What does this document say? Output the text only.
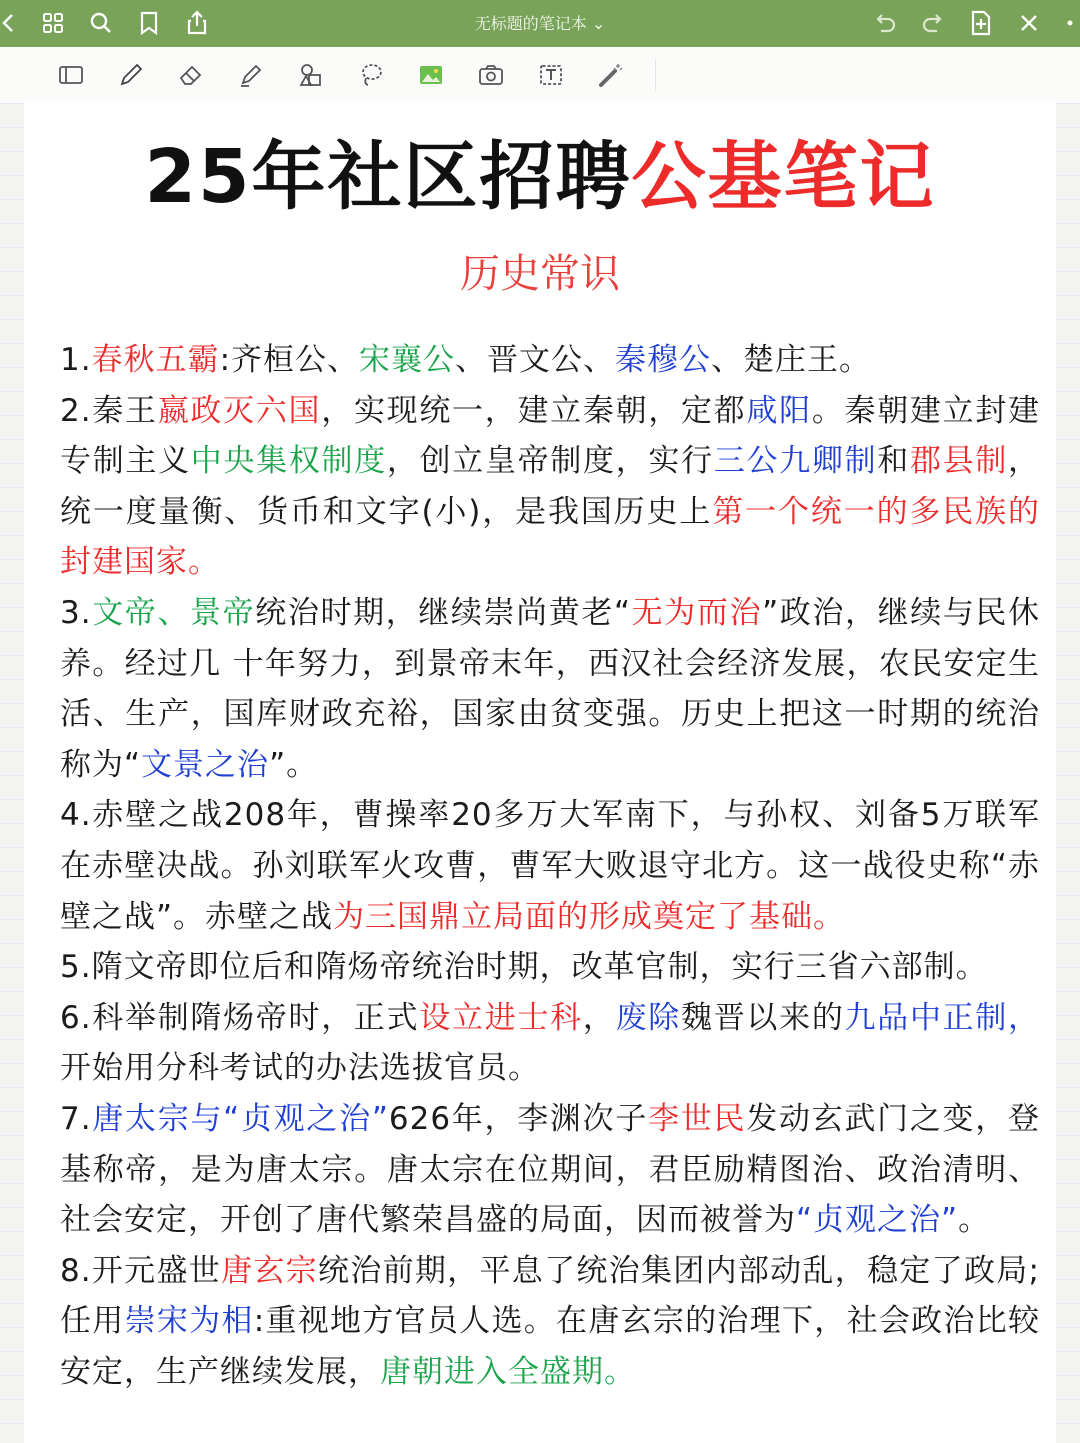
无标题的笔记本 ⌄
25年社区招聘公基笔记
历史常识

1.春秋五霸:齐桓公、宋襄公、晋文公、秦穆公、楚庄王。

2.秦王嬴政灭六国，实现统一，建立秦朝，定都咸阳。秦朝建立封建专制主义中央集权制度，创立皇帝制度，实行三公九卿制和郡县制，统一度量衡、货币和文字(小)，是我国历史上第一个统一的多民族的封建国家。

3.文帝、景帝统治时期，继续崇尚黄老“无为而治”政治，继续与民休养。经过几 十年努力，到景帝末年，西汉社会经济发展，农民安定生活、生产，国库财政充裕，国家由贫变强。历史上把这一时期的统治称为“文景之治”。

4.赤壁之战208年，曹操率20多万大军南下，与孙权、刘备5万联军在赤壁决战。孙刘联军火攻曹，曹军大败退守北方。这一战役史称“赤壁之战”。赤壁之战为三国鼎立局面的形成奠定了基础。

5.隋文帝即位后和隋炀帝统治时期，改革官制，实行三省六部制。

6.科举制隋炀帝时，正式设立进士科，废除魏晋以来的九品中正制，开始用分科考试的办法选拔官员。

7.唐太宗与“贞观之治”626年，李渊次子李世民发动玄武门之变，登基称帝，是为唐太宗。唐太宗在位期间，君臣励精图治、政治清明、社会安定，开创了唐代繁荣昌盛的局面，因而被誉为“贞观之治”。

8.开元盛世唐玄宗统治前期，平息了统治集团内部动乱，稳定了政局;任用崇宋为相:重视地方官员人选。在唐玄宗的治理下，社会政治比较安定，生产继续发展，唐朝进入全盛期。
